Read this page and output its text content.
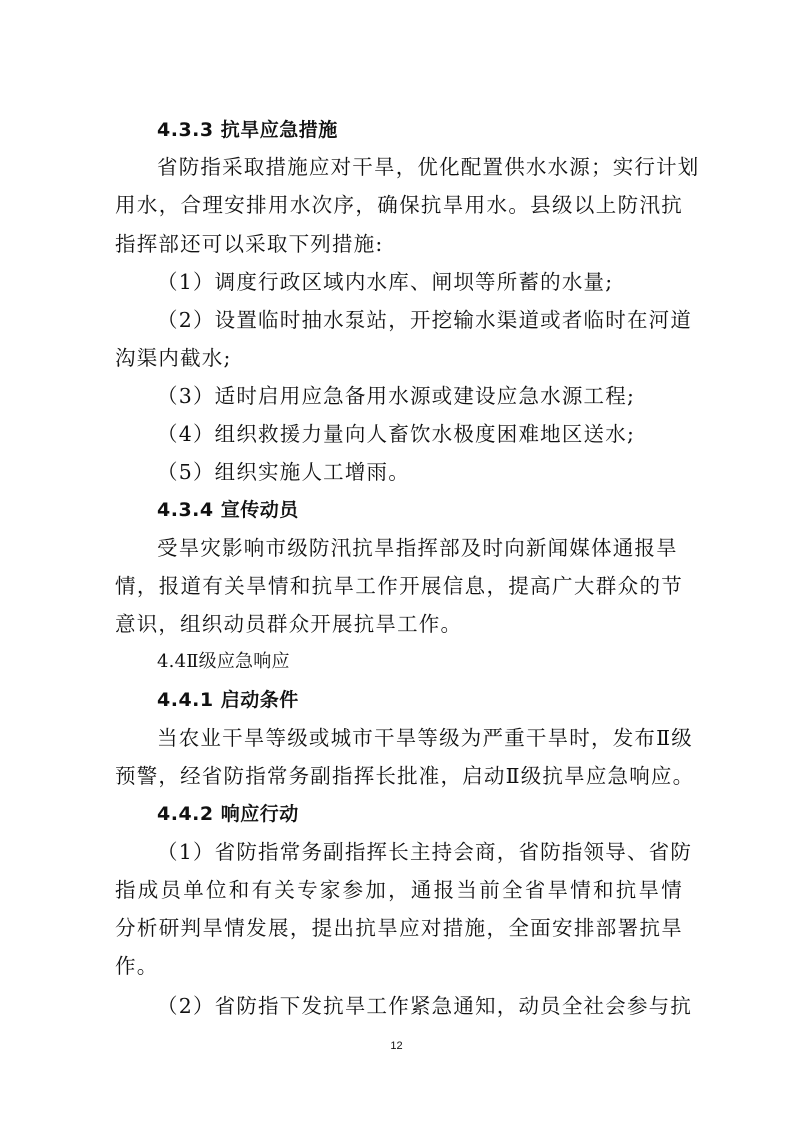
4.3.3 抗旱应急措施
省防指采取措施应对干旱，优化配置供水水源；实行计划
用水，合理安排用水次序，确保抗旱用水。县级以上防汛抗
指挥部还可以采取下列措施:
（1）调度行政区域内水库、闸坝等所蓄的水量;
（2）设置临时抽水泵站，开挖输水渠道或者临时在河道
沟渠内截水;
（3）适时启用应急备用水源或建设应急水源工程;
（4）组织救援力量向人畜饮水极度困难地区送水;
（5）组织实施人工增雨。
4.3.4 宣传动员
受旱灾影响市级防汛抗旱指挥部及时向新闻媒体通报旱
情，报道有关旱情和抗旱工作开展信息，提高广大群众的节
意识，组织动员群众开展抗旱工作。
4.4Ⅱ级应急响应
4.4.1 启动条件
当农业干旱等级或城市干旱等级为严重干旱时，发布Ⅱ级
预警，经省防指常务副指挥长批准，启动Ⅱ级抗旱应急响应。
4.4.2 响应行动
（1）省防指常务副指挥长主持会商，省防指领导、省防
指成员单位和有关专家参加，通报当前全省旱情和抗旱情
分析研判旱情发展，提出抗旱应对措施，全面安排部署抗旱
作。
（2）省防指下发抗旱工作紧急通知，动员全社会参与抗
12
